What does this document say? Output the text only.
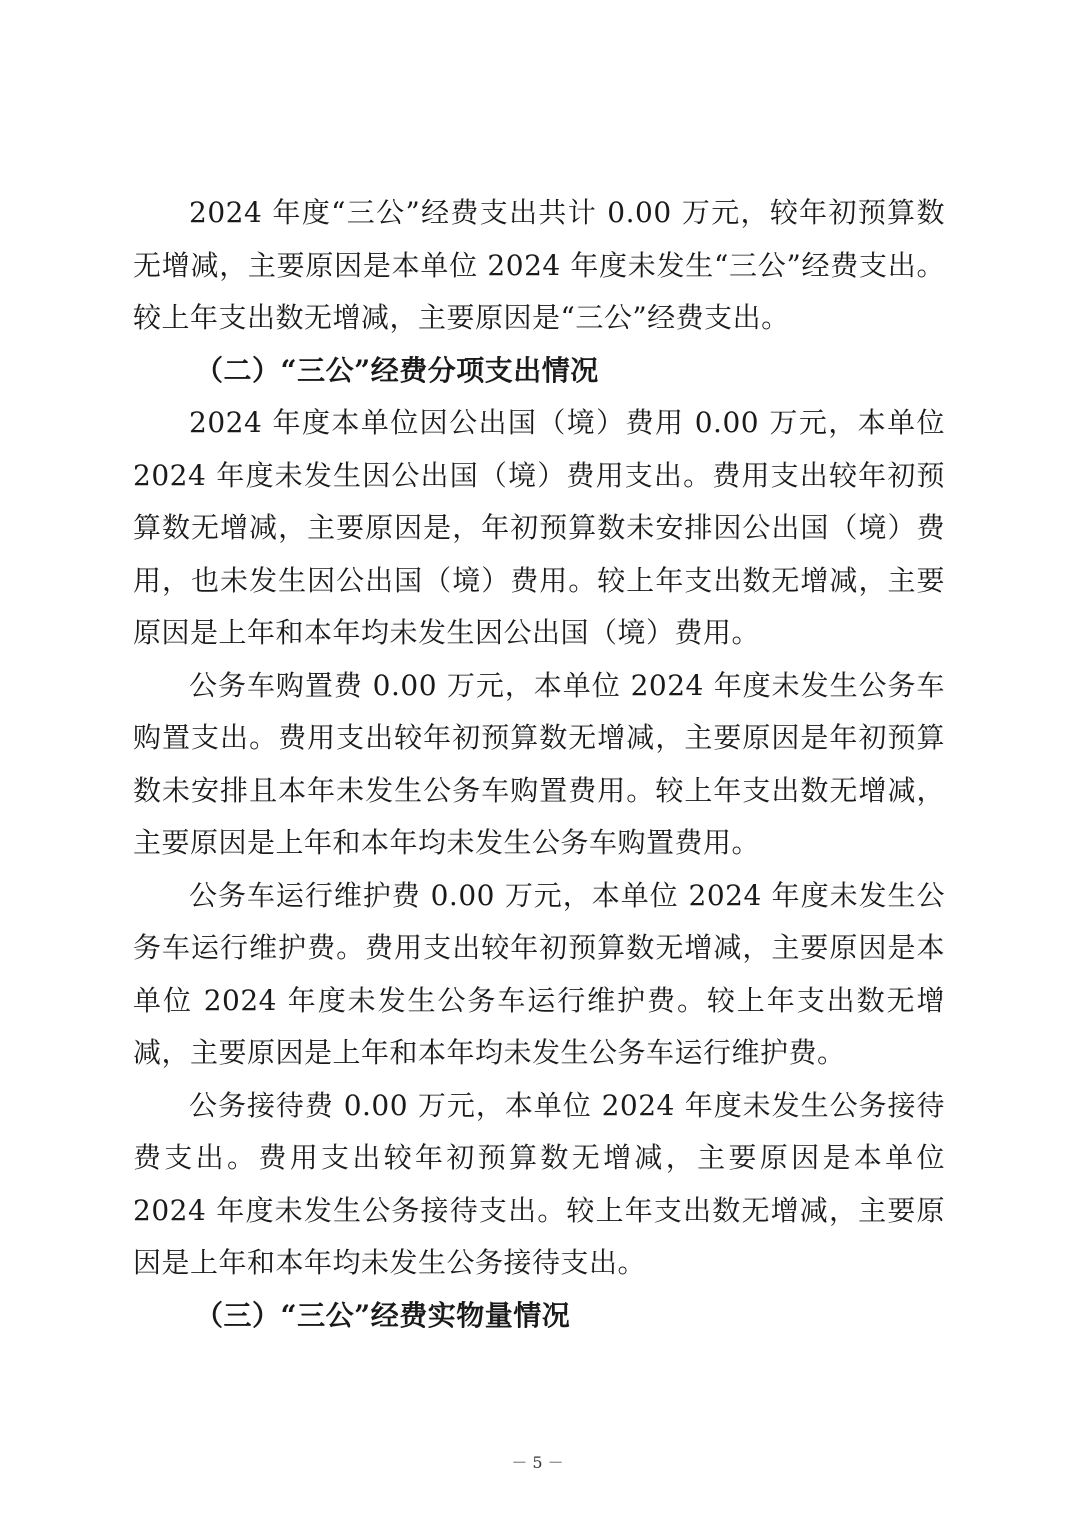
2024 年度“三公”经费支出共计 0.00 万元，较年初预算数无增减，主要原因是本单位 2024 年度未发生“三公”经费支出。较上年支出数无增减，主要原因是“三公”经费支出。

（二）“三公”经费分项支出情况

2024 年度本单位因公出国（境）费用 0.00 万元，本单位 2024 年度未发生因公出国（境）费用支出。费用支出较年初预算数无增减，主要原因是，年初预算数未安排因公出国（境）费用，也未发生因公出国（境）费用。较上年支出数无增减，主要原因是上年和本年均未发生因公出国（境）费用。

公务车购置费 0.00 万元，本单位 2024 年度未发生公务车购置支出。费用支出较年初预算数无增减，主要原因是年初预算数未安排且本年未发生公务车购置费用。较上年支出数无增减，主要原因是上年和本年均未发生公务车购置费用。

公务车运行维护费 0.00 万元，本单位 2024 年度未发生公务车运行维护费。费用支出较年初预算数无增减，主要原因是本单位 2024 年度未发生公务车运行维护费。较上年支出数无增减，主要原因是上年和本年均未发生公务车运行维护费。

公务接待费 0.00 万元，本单位 2024 年度未发生公务接待费支出。费用支出较年初预算数无增减，主要原因是本单位 2024 年度未发生公务接待支出。较上年支出数无增减，主要原因是上年和本年均未发生公务接待支出。

（三）“三公”经费实物量情况

－ 5 －
